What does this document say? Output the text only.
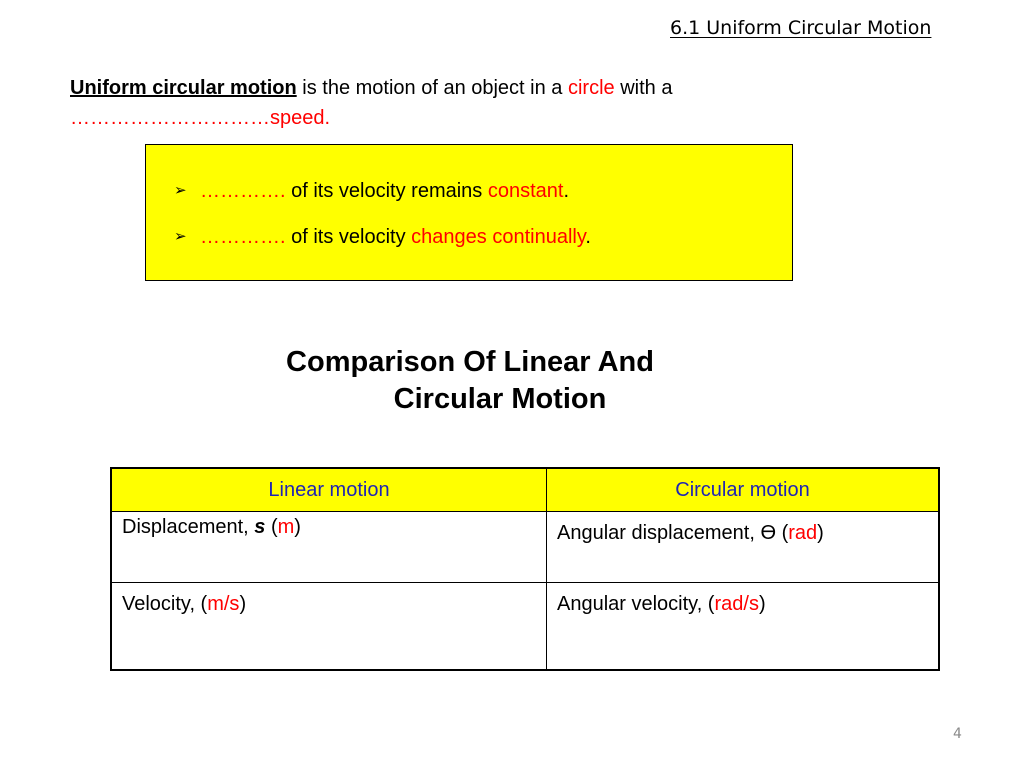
6.1 Uniform Circular Motion
Uniform circular motion is the motion of an object in a circle with a
…………………………speed.
➢ …………. of its velocity remains constant.
➢ …………. of its velocity changes continually.
Comparison Of Linear And
Circular Motion
Linear motion	Circular motion
Displacement, s (m)	Angular displacement, ϴ (rad)
Velocity, (m/s)	Angular velocity, (rad/s)
4
